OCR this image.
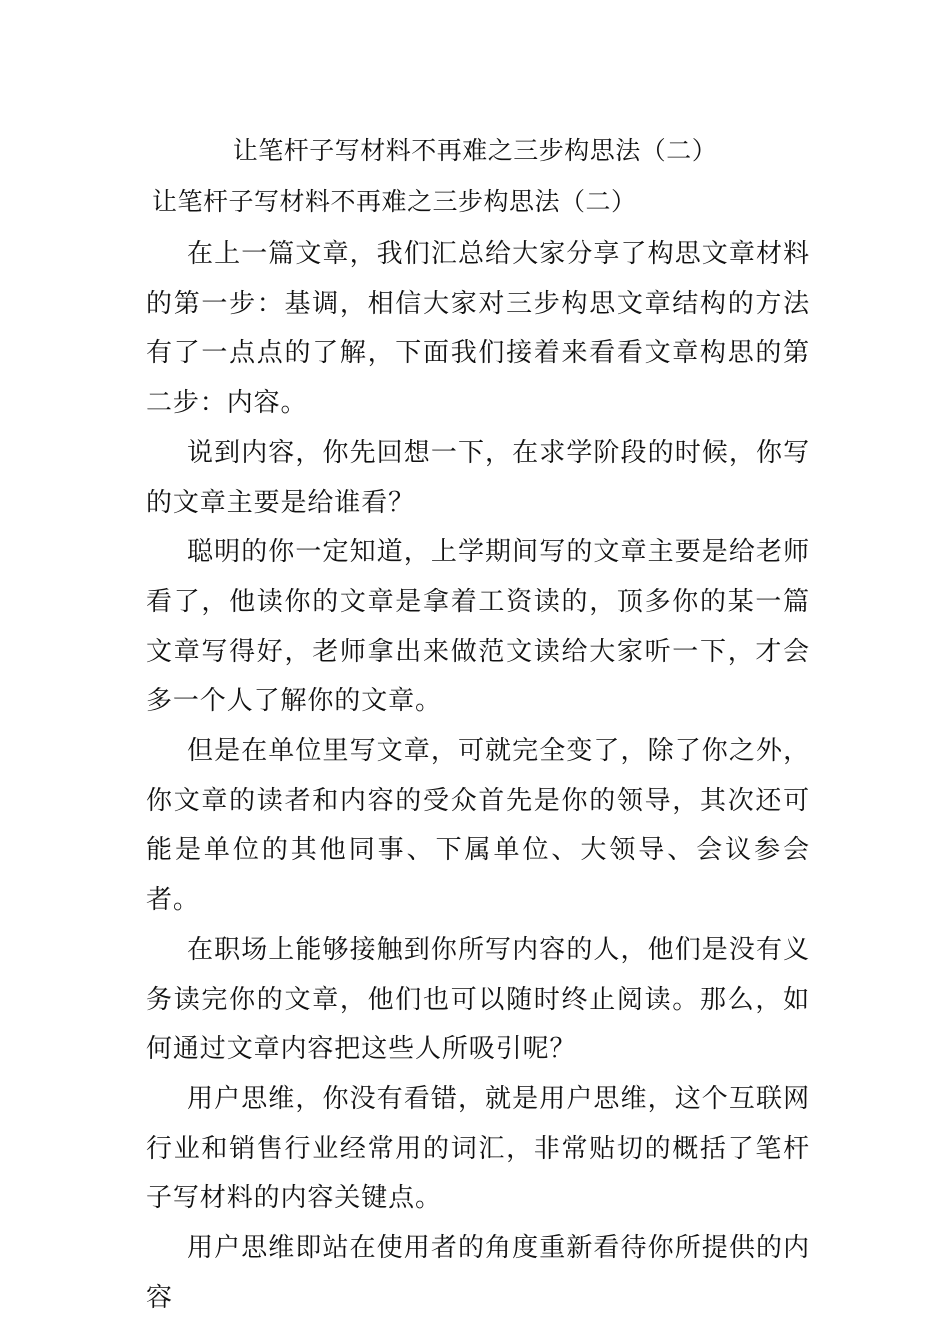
让笔杆子写材料不再难之三步构思法（二）
让笔杆子写材料不再难之三步构思法（二）

在上一篇文章，我们汇总给大家分享了构思文章材料的第一步：基调，相信大家对三步构思文章结构的方法有了一点点的了解，下面我们接着来看看文章构思的第二步：内容。

说到内容，你先回想一下，在求学阶段的时候，你写的文章主要是给谁看？

聪明的你一定知道，上学期间写的文章主要是给老师看了，他读你的文章是拿着工资读的，顶多你的某一篇文章写得好，老师拿出来做范文读给大家听一下，才会多一个人了解你的文章。

但是在单位里写文章，可就完全变了，除了你之外，你文章的读者和内容的受众首先是你的领导，其次还可能是单位的其他同事、下属单位、大领导、会议参会者。

在职场上能够接触到你所写内容的人，他们是没有义务读完你的文章，他们也可以随时终止阅读。那么，如何通过文章内容把这些人所吸引呢？

用户思维，你没有看错，就是用户思维，这个互联网行业和销售行业经常用的词汇，非常贴切的概括了笔杆子写材料的内容关键点。

用户思维即站在使用者的角度重新看待你所提供的内容
